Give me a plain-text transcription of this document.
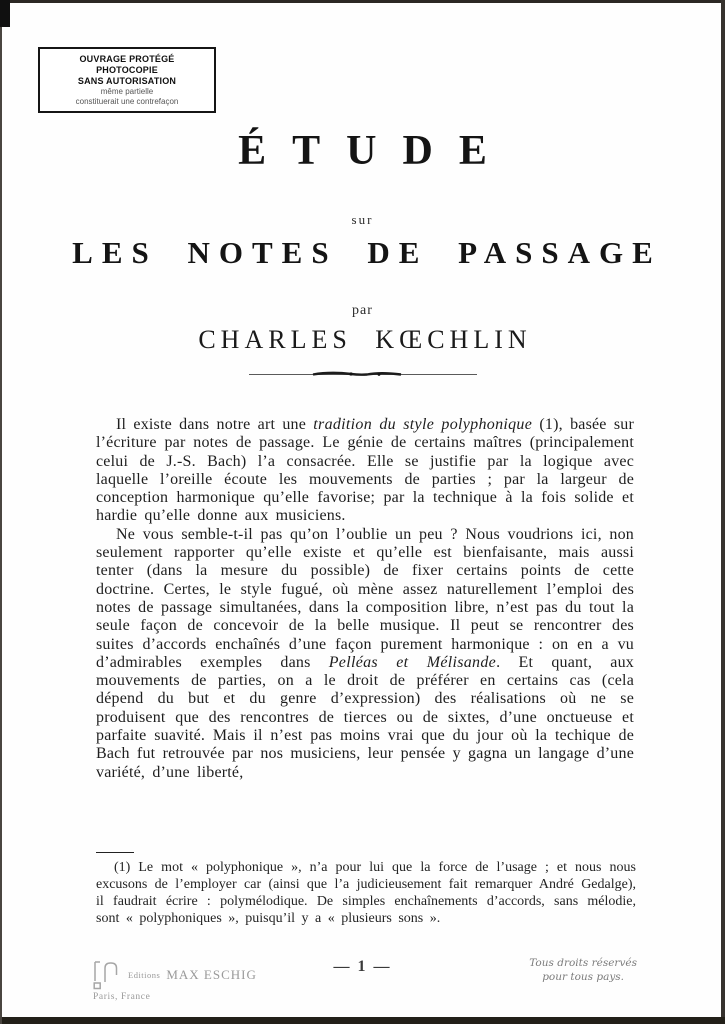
OUVRAGE PROTÉGÉ
PHOTOCOPIE
SANS AUTORISATION
même partielle
constituerait une contrefaçon
ÉTUDE
sur
LES NOTES DE PASSAGE
par
CHARLES KŒCHLIN

Il existe dans notre art une tradition du style polyphonique (1), basée sur l’écriture par notes de passage. Le génie de certains maîtres (principalement celui de J.-S. Bach) l’a consacrée. Elle se justifie par la logique avec laquelle l’oreille écoute les mouvements de parties ; par la largeur de conception harmonique qu’elle favorise; par la technique à la fois solide et hardie qu’elle donne aux musiciens.

Ne vous semble-t-il pas qu’on l’oublie un peu ? Nous voudrions ici, non seulement rapporter qu’elle existe et qu’elle est bienfaisante, mais aussi tenter (dans la mesure du possible) de fixer certains points de cette doctrine. Certes, le style fugué, où mène assez naturellement l’emploi des notes de passage simultanées, dans la composition libre, n’est pas du tout la seule façon de concevoir de la belle musique. Il peut se rencontrer des suites d’accords enchaînés d’une façon purement harmonique : on en a vu d’admirables exemples dans Pelléas et Mélisande. Et quant, aux mouvements de parties, on a le droit de préférer en certains cas (cela dépend du but et du genre d’expression) des réalisations où ne se produisent que des rencontres de tierces ou de sixtes, d’une onctueuse et parfaite suavité. Mais il n’est pas moins vrai que du jour où la techique de Bach fut retrouvée par nos musiciens, leur pensée y gagna un langage d’une variété, d’une liberté,

(1) Le mot « polyphonique », n’a pour lui que la force de l’usage ; et nous nous excusons de l’employer car (ainsi que l’a judicieusement fait remarquer André Gedalge), il faudrait écrire : polymélodique. De simples enchaînements d’accords, sans mélodie, sont « polyphoniques », puisqu’il y a « plusieurs sons ».

Editions MAX ESCHIG
Paris, France
— 1 —	Tous droits réservés
pour tous pays.
